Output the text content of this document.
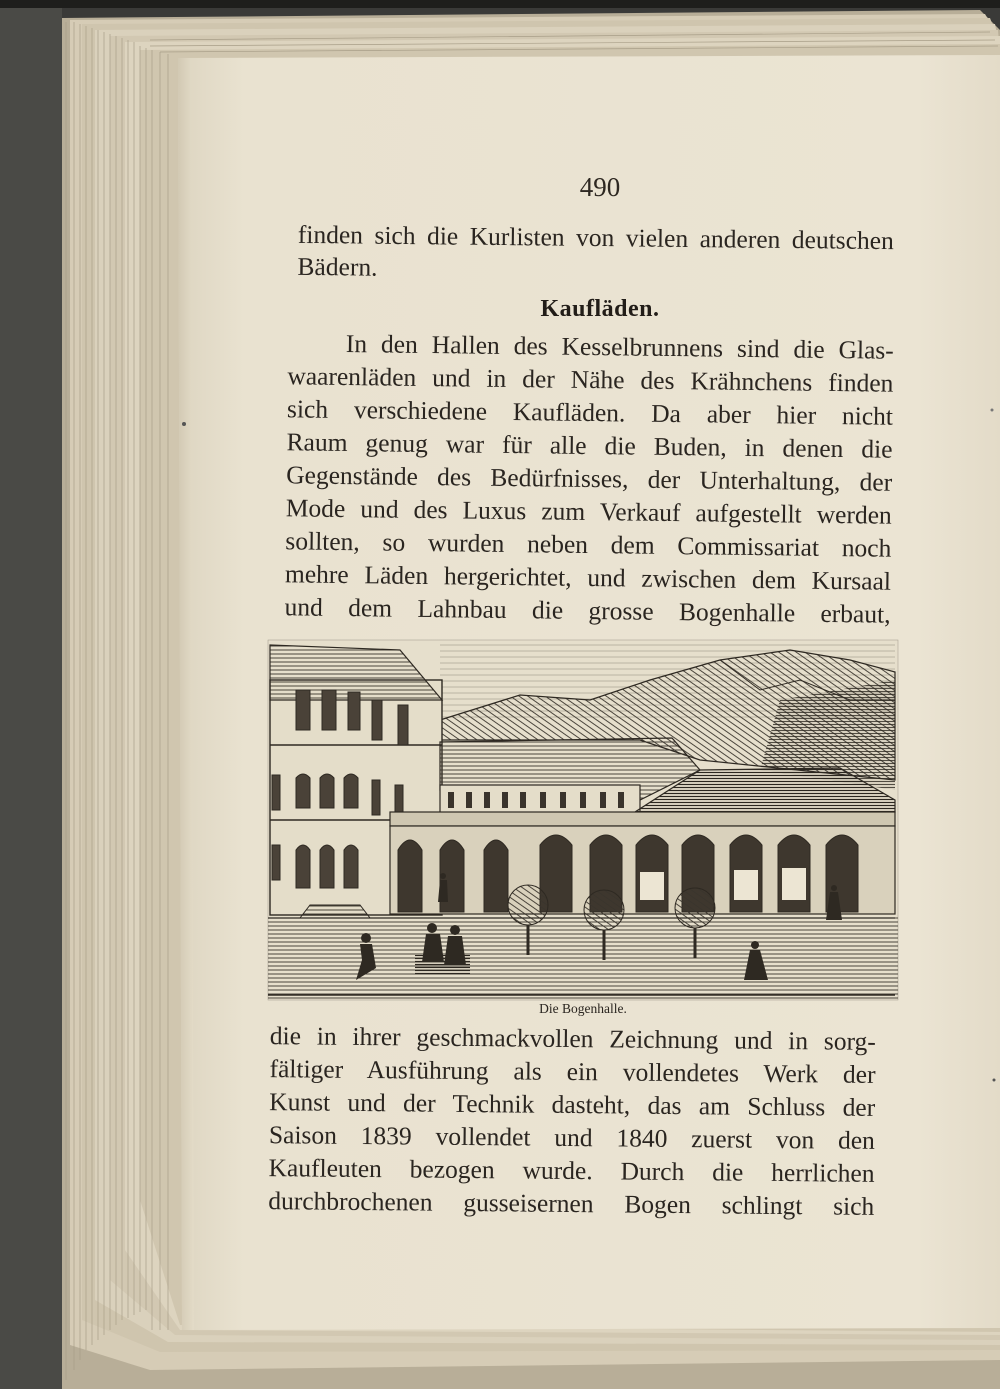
490
finden sich die Kurlisten von vielen anderen deutschen
Bädern.
Kaufläden.
In den Hallen des Kesselbrunnens sind die Glas-
waarenläden und in der Nähe des Krähnchens finden
sich verschiedene Kaufläden. Da aber hier nicht
Raum genug war für alle die Buden, in denen die
Gegenstände des Bedürfnisses, der Unterhaltung, der
Mode und des Luxus zum Verkauf aufgestellt werden
sollten, so wurden neben dem Commissariat noch
mehre Läden hergerichtet, und zwischen dem Kursaal
und dem Lahnbau die grosse Bogenhalle erbaut,
Die Bogenhalle.
die in ihrer geschmackvollen Zeichnung und in sorg-
fältiger Ausführung als ein vollendetes Werk der
Kunst und der Technik dasteht, das am Schluss der
Saison 1839 vollendet und 1840 zuerst von den
Kaufleuten bezogen wurde. Durch die herrlichen
durchbrochenen gusseisernen Bogen schlingt sich
